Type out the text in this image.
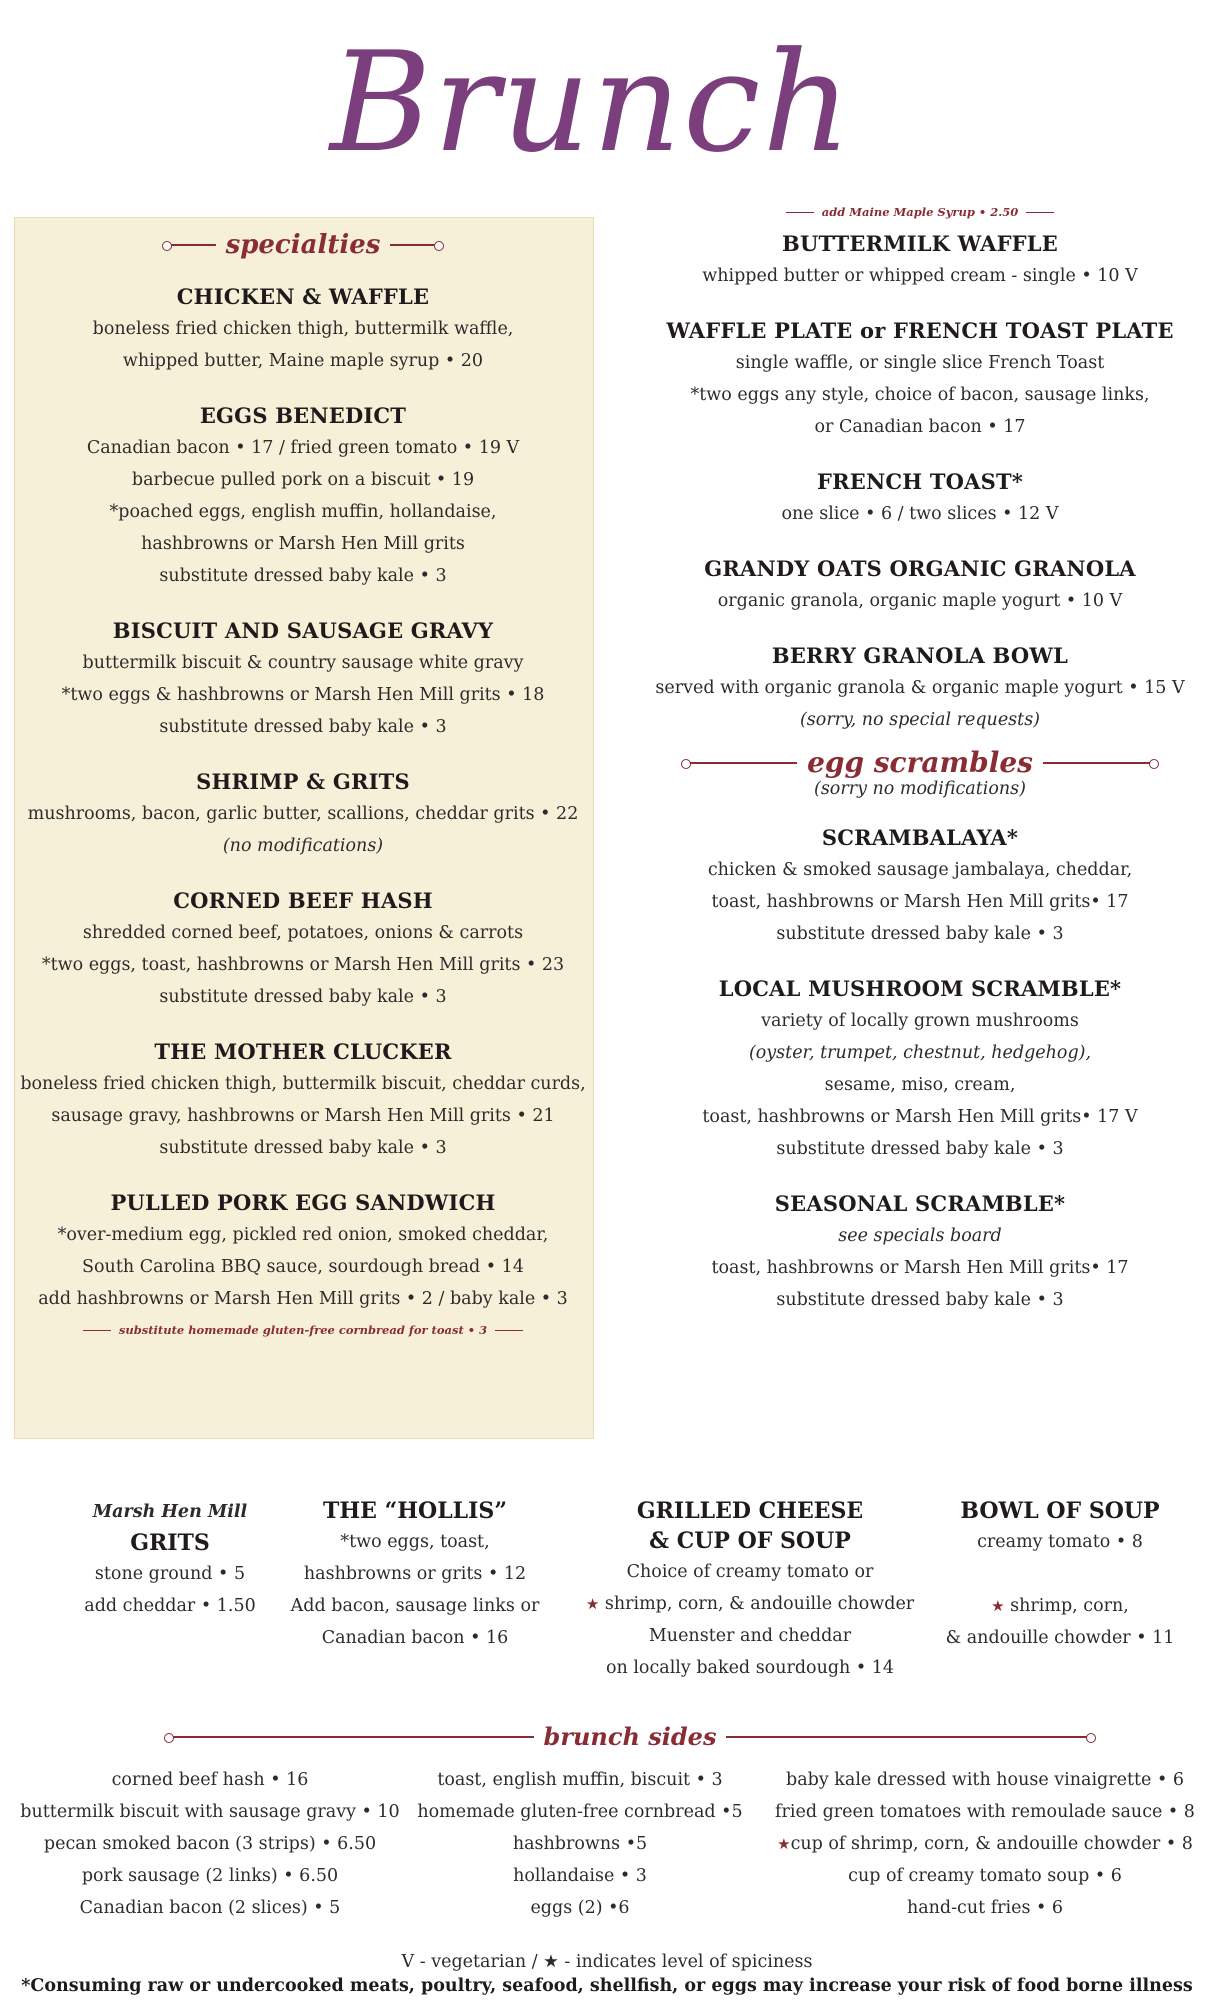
Brunch
specialties
CHICKEN & WAFFLE

boneless fried chicken thigh, buttermilk waffle,

whipped butter, Maine maple syrup • 20

EGGS BENEDICT

Canadian bacon • 17 / fried green tomato • 19 V

barbecue pulled pork on a biscuit • 19

*poached eggs, english muffin, hollandaise,

hashbrowns or Marsh Hen Mill grits

substitute dressed baby kale • 3

BISCUIT AND SAUSAGE GRAVY

buttermilk biscuit & country sausage white gravy

*two eggs & hashbrowns or Marsh Hen Mill grits • 18

substitute dressed baby kale • 3

SHRIMP & GRITS

mushrooms, bacon, garlic butter, scallions, cheddar grits • 22

(no modifications)

CORNED BEEF HASH

shredded corned beef, potatoes, onions & carrots

*two eggs, toast, hashbrowns or Marsh Hen Mill grits • 23

substitute dressed baby kale • 3

THE MOTHER CLUCKER

boneless fried chicken thigh, buttermilk biscuit, cheddar curds,

sausage gravy, hashbrowns or Marsh Hen Mill grits • 21

substitute dressed baby kale • 3

PULLED PORK EGG SANDWICH

*over-medium egg, pickled red onion, smoked cheddar,

South Carolina BBQ sauce, sourdough bread • 14

add hashbrowns or Marsh Hen Mill grits • 2 / baby kale • 3

substitute homemade gluten-free cornbread for toast • 3
add Maine Maple Syrup • 2.50
BUTTERMILK WAFFLE

whipped butter or whipped cream - single • 10 V

WAFFLE PLATE or FRENCH TOAST PLATE

single waffle, or single slice French Toast

*two eggs any style, choice of bacon, sausage links,

or Canadian bacon • 17

FRENCH TOAST*

one slice • 6 / two slices • 12 V

GRANDY OATS ORGANIC GRANOLA

organic granola, organic maple yogurt • 10 V

BERRY GRANOLA BOWL

served with organic granola & organic maple yogurt • 15 V

(sorry, no special requests)

egg scrambles

(sorry no modifications)

SCRAMBALAYA*

chicken & smoked sausage jambalaya, cheddar,

toast, hashbrowns or Marsh Hen Mill grits• 17

substitute dressed baby kale • 3

LOCAL MUSHROOM SCRAMBLE*

variety of locally grown mushrooms

(oyster, trumpet, chestnut, hedgehog),

sesame, miso, cream,

toast, hashbrowns or Marsh Hen Mill grits• 17 V

substitute dressed baby kale • 3

SEASONAL SCRAMBLE*

see specials board

toast, hashbrowns or Marsh Hen Mill grits• 17

substitute dressed baby kale • 3

Marsh Hen Mill

GRITS

stone ground • 5

add cheddar • 1.50

THE “HOLLIS”

*two eggs, toast,

hashbrowns or grits • 12

Add bacon, sausage links or

Canadian bacon • 16

GRILLED CHEESE
& CUP OF SOUP

Choice of creamy tomato or

★ shrimp, corn, & andouille chowder

Muenster and cheddar

on locally baked sourdough • 14

BOWL OF SOUP

creamy tomato • 8

★ shrimp, corn,

& andouille chowder • 11

brunch sides

corned beef hash • 16

buttermilk biscuit with sausage gravy • 10

pecan smoked bacon (3 strips) • 6.50

pork sausage (2 links) • 6.50

Canadian bacon (2 slices) • 5

toast, english muffin, biscuit • 3

homemade gluten-free cornbread •5

hashbrowns •5

hollandaise • 3

eggs (2) •6

baby kale dressed with house vinaigrette • 6

fried green tomatoes with remoulade sauce • 8

★cup of shrimp, corn, & andouille chowder • 8

cup of creamy tomato soup • 6

hand-cut fries • 6

V - vegetarian / ★ - indicates level of spiciness
*Consuming raw or undercooked meats, poultry, seafood, shellfish, or eggs may increase your risk of food borne illness
